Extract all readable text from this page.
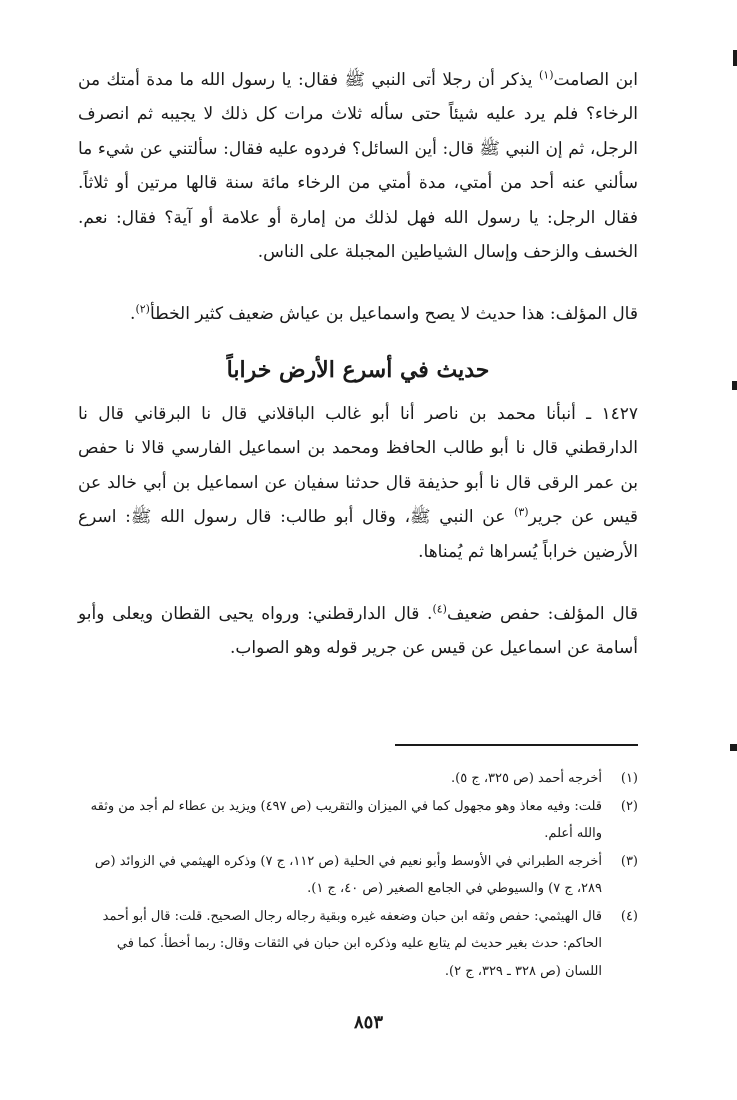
ابن الصامت$^{(١)}$ يذكر أن رجلا أتى النبي ﷺ فقال: يا رسول الله ما مدة أمتك من الرخاء؟ فلم يرد عليه شيئاً حتى سأله ثلاث مرات كل ذلك لا يجيبه ثم انصرف الرجل، ثم إن النبي ﷺ قال: أين السائل؟ فردوه عليه فقال: سألتني عن شيء ما سألني عنه أحد من أمتي، مدة أمتي من الرخاء مائة سنة قالها مرتين أو ثلاثاً. فقال الرجل: يا رسول الله فهل لذلك من إمارة أو علامة أو آية؟ فقال: نعم. الخسف والزحف وإسال الشياطين المجبلة على الناس.

قال المؤلف: هذا حديث لا يصح واسماعيل بن عياش ضعيف كثير الخطأ$^{(٢)}$.

حديث في أسرع الأرض خراباً

١٤٢٧ ـ أنبأنا محمد بن ناصر أنا أبو غالب الباقلاني قال نا البرقاني قال نا الدارقطني قال نا أبو طالب الحافظ ومحمد بن اسماعيل الفارسي قالا نا حفص بن عمر الرقى قال نا أبو حذيفة قال حدثنا سفيان عن اسماعيل بن أبي خالد عن قيس عن جرير$^{(٣)}$ عن النبي ﷺ، وقال أبو طالب: قال رسول الله ﷺ: اسرع الأرضين خراباً يُسراها ثم يُمناها.

قال المؤلف: حفص ضعيف$^{(٤)}$. قال الدارقطني: ورواه يحيى القطان ويعلى وأبو أسامة عن اسماعيل عن قيس عن جرير قوله وهو الصواب.

(١)
أخرجه أحمد (ص ٣٢٥، ج ٥).
(٢)
قلت: وفيه معاذ وهو مجهول كما في الميزان والتقريب (ص ٤٩٧) ويزيد بن عطاء لم أجد من وثقه والله أعلم.
(٣)
أخرجه الطبراني في الأوسط وأبو نعيم في الحلية (ص ١١٢، ج ٧) وذكره الهيثمي في الزوائد (ص ٢٨٩، ج ٧) والسيوطي في الجامع الصغير (ص ٤٠، ج ١).
(٤)
قال الهيثمي: حفص وثقه ابن حبان وضعفه غيره وبقية رجاله رجال الصحيح. قلت: قال أبو أحمد الحاكم: حدث بغير حديث لم يتابع عليه وذكره ابن حبان في الثقات وقال: ربما أخطأ. كما في اللسان (ص ٣٢٨ ـ ٣٢٩، ج ٢).
٨٥٣
